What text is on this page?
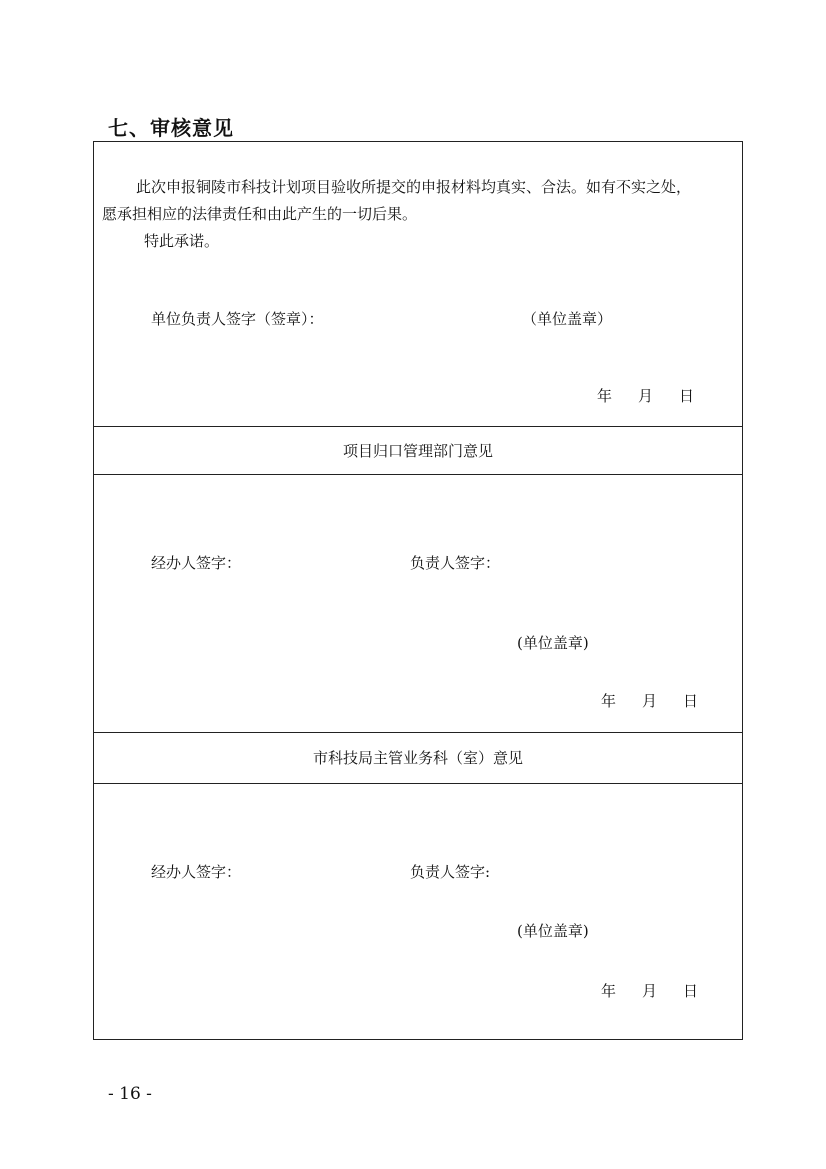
七、审核意见
此次申报铜陵市科技计划项目验收所提交的申报材料均真实、合法。如有不实之处，
愿承担相应的法律责任和由此产生的一切后果。
特此承诺。
单位负责人签字（签章）：	（单位盖章）
年 月 日
项目归口管理部门意见
经办人签字：	负责人签字：
(单位盖章)
年 月 日
市科技局主管业务科（室）意见
经办人签字：	负责人签字:
(单位盖章)
年 月 日
- 16 -
